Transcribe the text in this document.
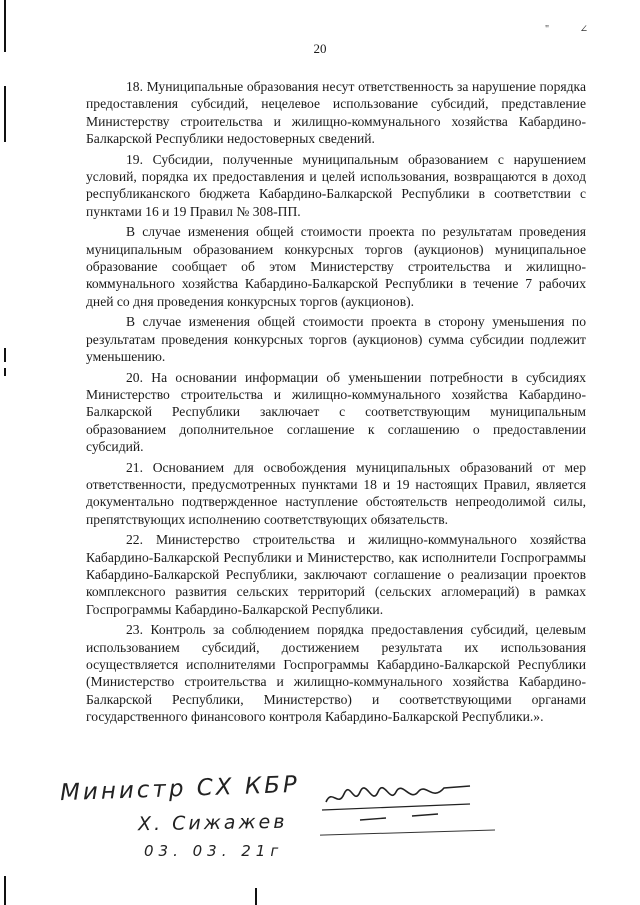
" ∠
20

18. Муниципальные образования несут ответственность за нарушение порядка предоставления субсидий, нецелевое использование субсидий, представление Министерству строительства и жилищно-коммунального хозяйства Кабардино-Балкарской Республики недостоверных сведений.

19. Субсидии, полученные муниципальным образованием с нарушением условий, порядка их предоставления и целей использования, возвращаются в доход республиканского бюджета Кабардино-Балкарской Республики в соответствии с пунктами 16 и 19 Правил № 308-ПП.

В случае изменения общей стоимости проекта по результатам проведения муниципальным образованием конкурсных торгов (аукционов) муниципальное образование сообщает об этом Министерству строительства и жилищно-коммунального хозяйства Кабардино-Балкарской Республики в течение 7 рабочих дней со дня проведения конкурсных торгов (аукционов).

В случае изменения общей стоимости проекта в сторону уменьшения по результатам проведения конкурсных торгов (аукционов) сумма субсидии подлежит уменьшению.

20. На основании информации об уменьшении потребности в субсидиях Министерство строительства и жилищно-коммунального хозяйства Кабардино-Балкарской Республики заключает с соответствующим муниципальным образованием дополнительное соглашение к соглашению о предоставлении субсидий.

21. Основанием для освобождения муниципальных образований от мер ответственности, предусмотренных пунктами 18 и 19 настоящих Правил, является документально подтвержденное наступление обстоятельств непреодолимой силы, препятствующих исполнению соответствующих обязательств.

22. Министерство строительства и жилищно-коммунального хозяйства Кабардино-Балкарской Республики и Министерство, как исполнители Госпрограммы Кабардино-Балкарской Республики, заключают соглашение о реализации проектов комплексного развития сельских территорий (сельских агломераций) в рамках Госпрограммы Кабардино-Балкарской Республики.

23. Контроль за соблюдением порядка предоставления субсидий, целевым использованием субсидий, достижением результата их использования осуществляется исполнителями Госпрограммы Кабардино-Балкарской Республики (Министерство строительства и жилищно-коммунального хозяйства Кабардино-Балкарской Республики, Министерство) и соответствующими органами государственного финансового контроля Кабардино-Балкарской Республики.».

Министр СХ КБР
Х. Сижажев
03. 03. 21г
